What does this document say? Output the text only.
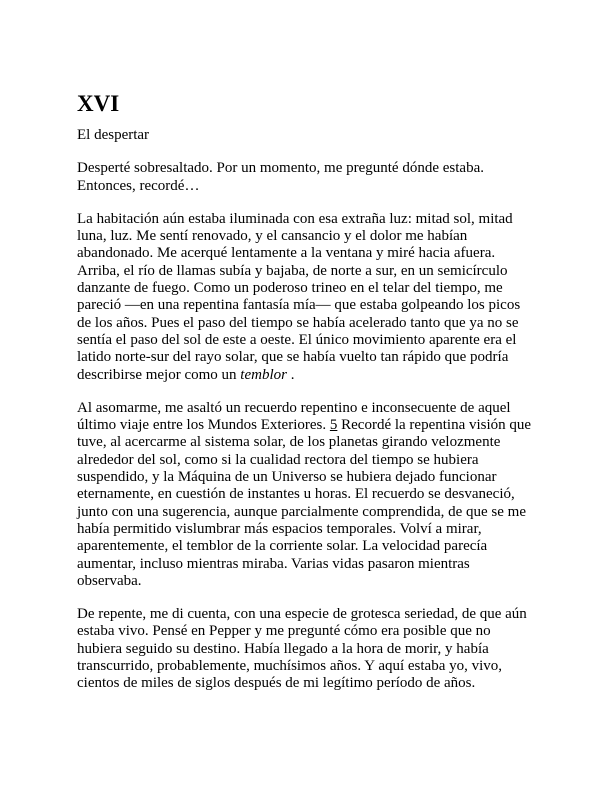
XVI

El despertar

Desperté sobresaltado. Por un momento, me pregunté dónde estaba. Entonces, recordé…

La habitación aún estaba iluminada con esa extraña luz: mitad sol, mitad luna, luz. Me sentí renovado, y el cansancio y el dolor me habían abandonado. Me acerqué lentamente a la ventana y miré hacia afuera. Arriba, el río de llamas subía y bajaba, de norte a sur, en un semicírculo danzante de fuego. Como un poderoso trineo en el telar del tiempo, me pareció —en una repentina fantasía mía— que estaba golpeando los picos de los años. Pues el paso del tiempo se había acelerado tanto que ya no se sentía el paso del sol de este a oeste. El único movimiento aparente era el latido norte-sur del rayo solar, que se había vuelto tan rápido que podría describirse mejor como un temblor .

Al asomarme, me asaltó un recuerdo repentino e inconsecuente de aquel último viaje entre los Mundos Exteriores. 5 Recordé la repentina visión que tuve, al acercarme al sistema solar, de los planetas girando velozmente alrededor del sol, como si la cualidad rectora del tiempo se hubiera suspendido, y la Máquina de un Universo se hubiera dejado funcionar eternamente, en cuestión de instantes u horas. El recuerdo se desvaneció, junto con una sugerencia, aunque parcialmente comprendida, de que se me había permitido vislumbrar más espacios temporales. Volví a mirar, aparentemente, el temblor de la corriente solar. La velocidad parecía aumentar, incluso mientras miraba. Varias vidas pasaron mientras observaba.

De repente, me di cuenta, con una especie de grotesca seriedad, de que aún estaba vivo. Pensé en Pepper y me pregunté cómo era posible que no hubiera seguido su destino. Había llegado a la hora de morir, y había transcurrido, probablemente, muchísimos años. Y aquí estaba yo, vivo, cientos de miles de siglos después de mi legítimo período de años.
